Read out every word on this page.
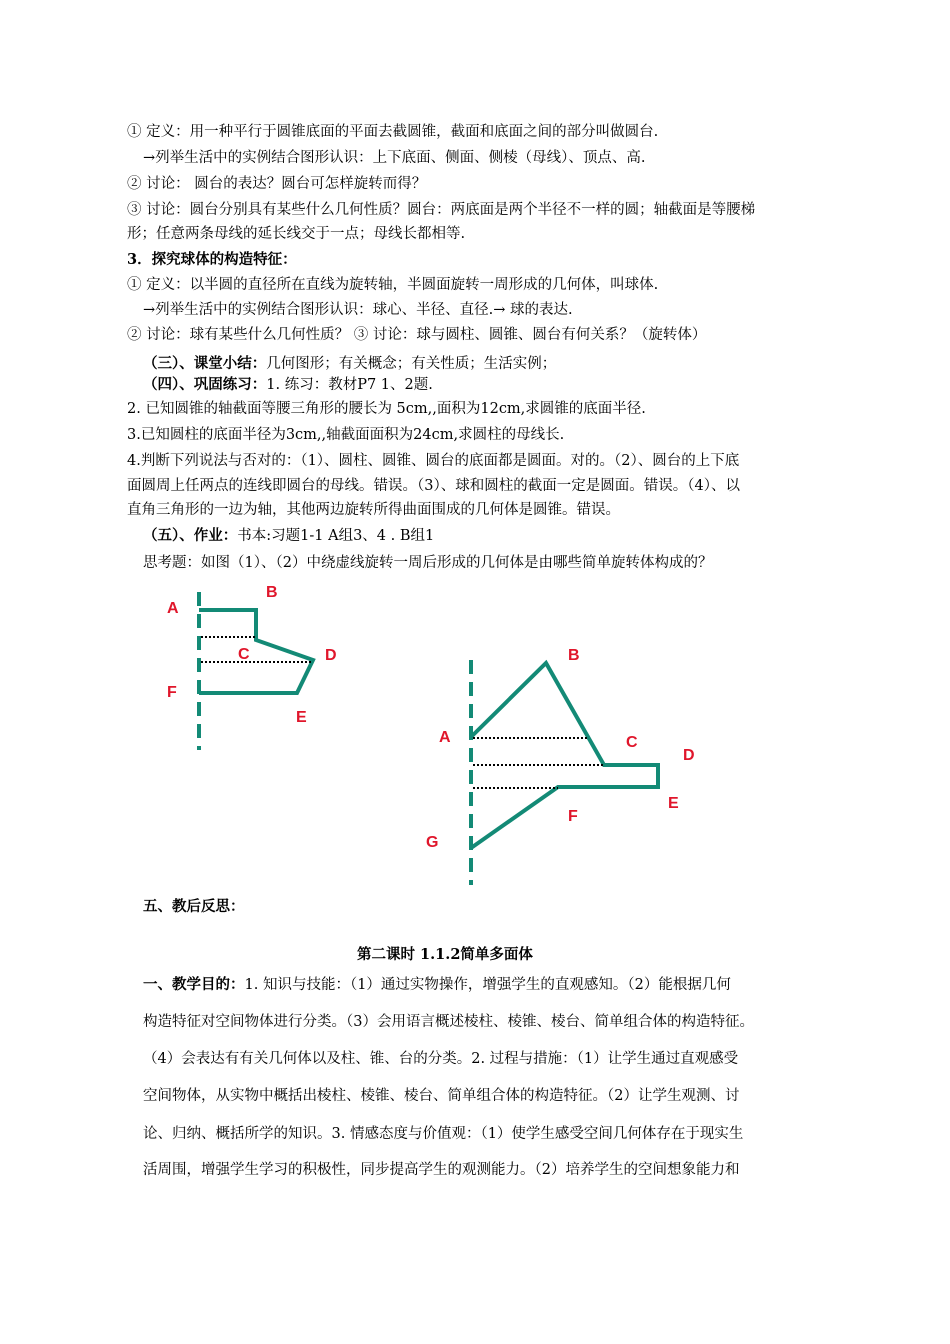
① 定义：用一种平行于圆锥底面的平面去截圆锥，截面和底面之间的部分叫做圆台.
→列举生活中的实例结合图形认识：上下底面、侧面、侧棱（母线）、顶点、高.
② 讨论： 圆台的表达？圆台可怎样旋转而得？
③ 讨论：圆台分别具有某些什么几何性质？圆台：两底面是两个半径不一样的圆；轴截面是等腰梯
形；任意两条母线的延长线交于一点；母线长都相等.
3．探究球体的构造特征：
① 定义：以半圆的直径所在直线为旋转轴，半圆面旋转一周形成的几何体，叫球体.
→列举生活中的实例结合图形认识：球心、半径、直径.→ 球的表达.
② 讨论：球有某些什么几何性质？ ③ 讨论：球与圆柱、圆锥、圆台有何关系？（旋转体）
（三）、课堂小结：几何图形；有关概念；有关性质；生活实例；
（四）、巩固练习：1. 练习：教材P7 1、2题.
2. 已知圆锥的轴截面等腰三角形的腰长为 5cm,,面积为12cm,求圆锥的底面半径.
3.已知圆柱的底面半径为3cm,,轴截面面积为24cm,求圆柱的母线长.
4.判断下列说法与否对的：（1）、圆柱、圆锥、圆台的底面都是圆面。对的。（2）、圆台的上下底
面圆周上任两点的连线即圆台的母线。错误。（3）、球和圆柱的截面一定是圆面。错误。（4）、以
直角三角形的一边为轴，其他两边旋转所得曲面围成的几何体是圆锥。错误。
（五）、作业：书本:习题1-1 A组3、4 . B组1
思考题：如图（1）、（2）中绕虚线旋转一周后形成的几何体是由哪些简单旋转体构成的？
A
B
C	D
F
E
A
B
C
D
E
F
G
五、教后反思：
第二课时 1.1.2简单多面体
一、教学目的：1. 知识与技能：（1）通过实物操作，增强学生的直观感知。（2）能根据几何
构造特征对空间物体进行分类。（3）会用语言概述棱柱、棱锥、棱台、简单组合体的构造特征。
（4）会表达有有关几何体以及柱、锥、台的分类。2. 过程与措施：（1）让学生通过直观感受
空间物体，从实物中概括出棱柱、棱锥、棱台、简单组合体的构造特征。（2）让学生观测、讨
论、归纳、概括所学的知识。3. 情感态度与价值观：（1）使学生感受空间几何体存在于现实生
活周围，增强学生学习的积极性，同步提高学生的观测能力。（2）培养学生的空间想象能力和
